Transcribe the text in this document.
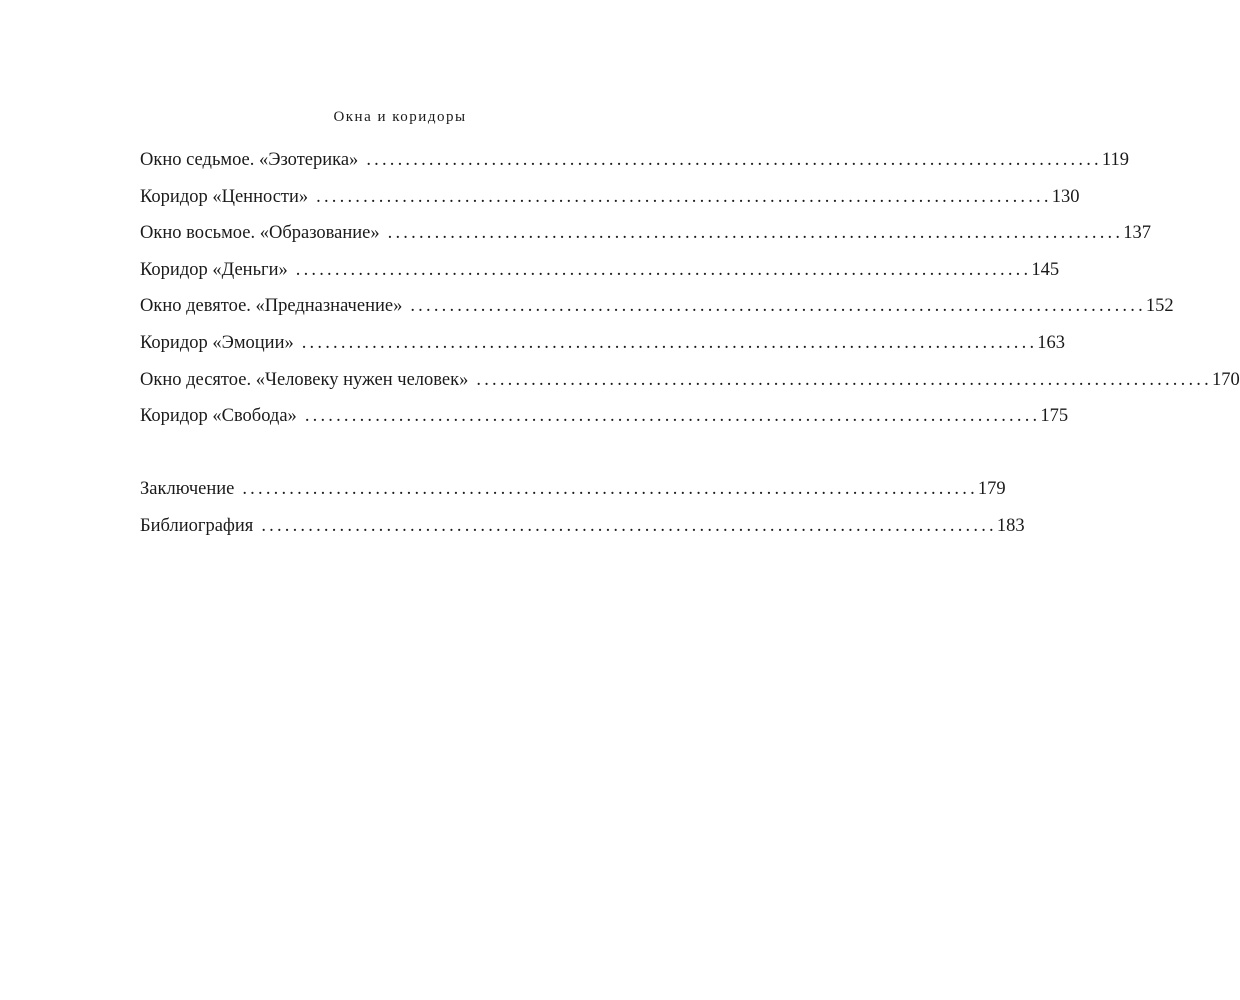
Окна и коридоры
Окно седьмое. «Эзотерика» .............................................................................................. 119
Коридор «Ценности» .............................................................................................. 130
Окно восьмое. «Образование» .............................................................................................. 137
Коридор «Деньги» .............................................................................................. 145
Окно девятое. «Предназначение» .............................................................................................. 152
Коридор «Эмоции» .............................................................................................. 163
Окно десятое. «Человеку нужен человек» .............................................................................................. 170
Коридор «Свобода» .............................................................................................. 175
Заключение .............................................................................................. 179
Библиография .............................................................................................. 183
